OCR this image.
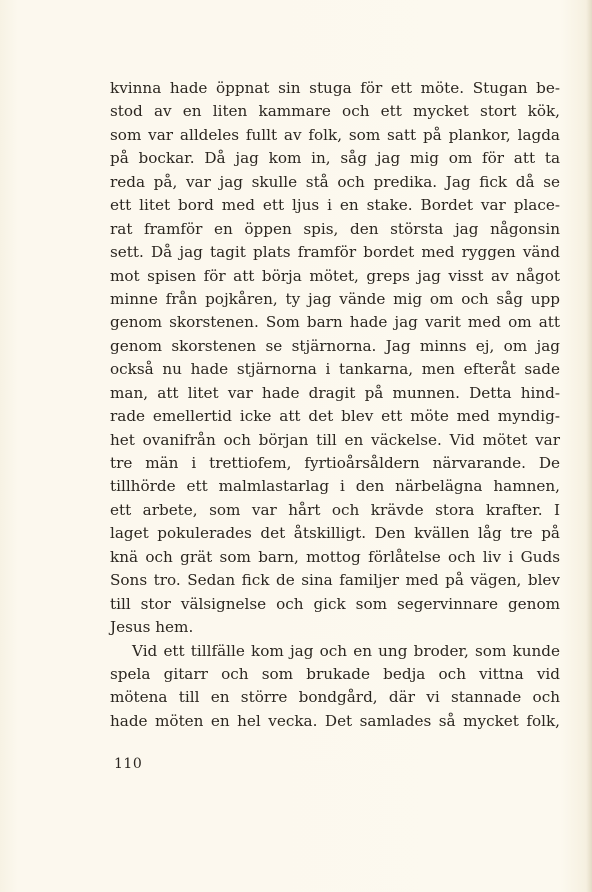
kvinna hade öppnat sin stuga för ett möte. Stugan be-
stod av en liten kammare och ett mycket stort kök,
som var alldeles fullt av folk, som satt på plankor, lagda
på bockar. Då jag kom in, såg jag mig om för att ta
reda på, var jag skulle stå och predika. Jag fick då se
ett litet bord med ett ljus i en stake. Bordet var place-
rat framför en öppen spis, den största jag någonsin
sett. Då jag tagit plats framför bordet med ryggen vänd
mot spisen för att börja mötet, greps jag visst av något
minne från pojkåren, ty jag vände mig om och såg upp
genom skorstenen. Som barn hade jag varit med om att
genom skorstenen se stjärnorna. Jag minns ej, om jag
också nu hade stjärnorna i tankarna, men efteråt sade
man, att litet var hade dragit på munnen. Detta hind-
rade emellertid icke att det blev ett möte med myndig-
het ovanifrån och början till en väckelse. Vid mötet var
tre män i trettiofem, fyrtioårsåldern närvarande. De
tillhörde ett malmlastarlag i den närbelägna hamnen,
ett arbete, som var hårt och krävde stora krafter. I
laget pokulerades det åtskilligt. Den kvällen låg tre på
knä och grät som barn, mottog förlåtelse och liv i Guds
Sons tro. Sedan fick de sina familjer med på vägen, blev
till stor välsignelse och gick som segervinnare genom
Jesus hem.
Vid ett tillfälle kom jag och en ung broder, som kunde
spela gitarr och som brukade bedja och vittna vid
mötena till en större bondgård, där vi stannade och
hade möten en hel vecka. Det samlades så mycket folk,
110
